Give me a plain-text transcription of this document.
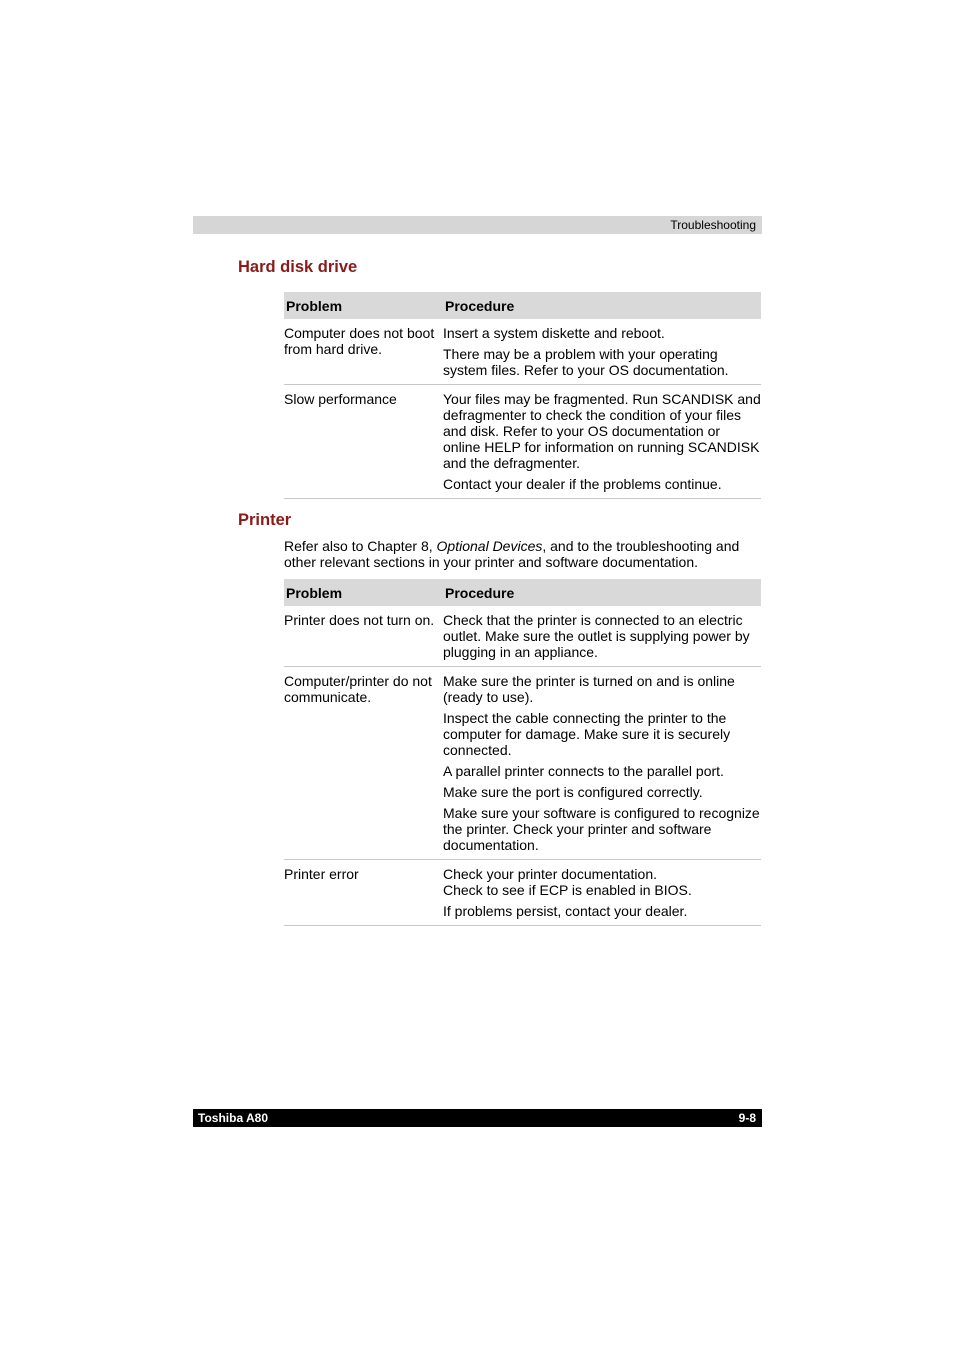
Troubleshooting
Hard disk drive
Problem	Procedure
Computer does not boot from hard drive.	Insert a system diskette and reboot.

There may be a problem with your operating system files. Refer to your OS documentation.

Slow performance	Your files may be fragmented. Run SCANDISK and defragmenter to check the condition of your files and disk. Refer to your OS documentation or online HELP for information on running SCANDISK and the defragmenter.

Contact your dealer if the problems continue.

Printer

Refer also to Chapter 8, Optional Devices, and to the troubleshooting and other relevant sections in your printer and software documentation.

Problem	Procedure
Printer does not turn on.	Check that the printer is connected to an electric outlet. Make sure the outlet is supplying power by plugging in an appliance.

Computer/printer do not communicate.	Make sure the printer is turned on and is online (ready to use).

Inspect the cable connecting the printer to the computer for damage. Make sure it is securely connected.

A parallel printer connects to the parallel port.

Make sure the port is configured correctly.

Make sure your software is configured to recognize the printer. Check your printer and software documentation.

Printer error	Check your printer documentation.

Check to see if ECP is enabled in BIOS.

If problems persist, contact your dealer.

Toshiba A80	9-8
